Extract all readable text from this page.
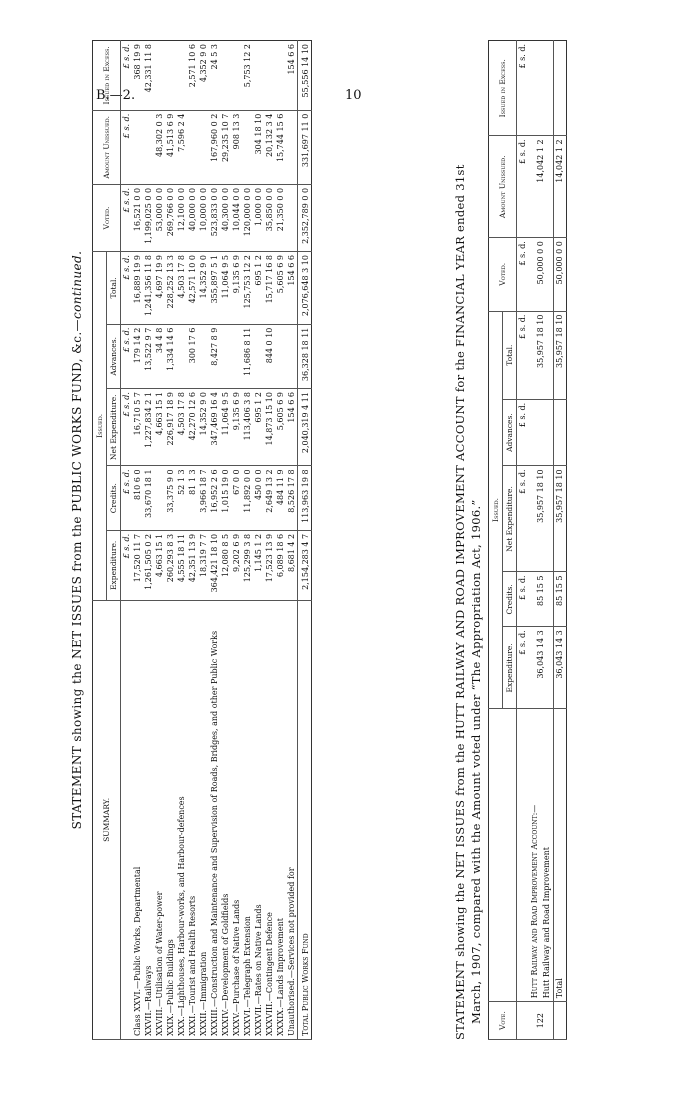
B.—2.	10
STATEMENT showing the NET ISSUES from the PUBLIC WORKS FUND, &c.—continued.
SUMMARY.	Issued.					Voted.	Amount Unissued.	Issued in Excess.
	Expenditure.	Credits.	Net Expenditure.	Advances.	Total.			
	£ s. d.	£ s. d.	£ s. d.	£ s. d.	£ s. d.	£ s. d.	£ s. d.	£ s. d.
Class XXVI.—Public Works, Departmental	17,520 11 7	810 6 0	16,710 5 7	179 14 2	16,889 19 9	16,521 0 0		368 19 9
XXVII.—Railways	1,261,505 0 2	33,670 18 1	1,227,834 2 1	13,522 9 7	1,241,356 11 8	1,199,025 0 0		42,331 11 8
XXVIII.—Utilisation of Water-power	4,663 15 1		4,663 15 1	34 4 8	4,697 19 9	53,000 0 0	48,302 0 3	
XXIX.—Public Buildings	260,293 8 3	33,375 9 0	226,917 18 9	1,334 14 6	228,252 13 3	269,766 0 0	41,513 6 9	
XXX.—Lighthouses, Harbour-works, and Harbour-defences	4,555 18 11	52 1 3	4,503 17 8		4,503 17 8	12,100 0 0	7,596 2 4	
XXXI.—Tourist and Health Resorts	42,351 13 9	81 1 3	42,270 12 6	300 17 6	42,571 10 0	40,000 0 0		2,571 10 6
XXXII.—Immigration	18,319 7 7	3,966 18 7	14,352 9 0		14,352 9 0	10,000 0 0		4,352 9 0
XXXIII.—Construction and Maintenance and Supervision of Roads, Bridges, and other Public Works	364,421 18 10	16,952 2 6	347,469 16 4	8,427 8 9	355,897 5 1	523,833 0 0	167,960 0 2	24 5 3
XXXIV.—Development of Goldfields	12,080 8 5	1,015 19 0	11,064 9 5		11,064 9 5	40,300 0 0	29,235 10 7	
XXXV.—Purchase of Native Lands	9,202 6 9	67 0 0	9,135 6 9		9,135 6 9	10,044 0 0	908 13 3	
XXXVI.—Telegraph Extension	125,299 3 8	11,892 0 0	113,406 3 8	11,686 8 11	125,753 12 2	120,000 0 0		5,753 12 2
XXXVII.—Rates on Native Lands	1,145 1 2	450 0 0	695 1 2		695 1 2	1,000 0 0	304 18 10	
XXXVIII.—Contingent Defence	17,523 13 9	2,649 13 2	14,873 15 10	844 0 10	15,717 16 8	35,850 0 0	20,132 3 4	
XXXIX.—Lands Improvement	6,089 18 6	484 11 9	5,605 6 9		5,605 6 9	21,350 0 0	15,744 15 6	
Unauthorised.—Services not provided for	8,681 4 2	8,526 17 8	154 6 6		154 6 6			154 6 6
Total Public Works Fund	2,154,283 4 7	113,963 19 8	2,040,319 4 11	36,328 18 11	2,076,648 3 10	2,352,789 0 0	331,697 11 0	55,556 14 10
STATEMENT showing the NET ISSUES from the HUTT RAILWAY AND ROAD IMPROVEMENT ACCOUNT for the FINANCIAL YEAR ended 31st March, 1907, compared with the Amount voted under “The Appropriation Act, 1906.” Vote.		Issued.					Voted.	Amount Unissued.	Issued in Excess.
		Expenditure.	Credits.	Net Expenditure.	Advances.	Total.			
		£ s. d.	£ s. d.	£ s. d.	£ s. d.	£ s. d.	£ s. d.	£ s. d.	£ s. d.
122	Hutt Railway and Road Improvement Account:— Hutt Railway and Road Improvement	36,043 14 3	85 15 5	35,957 18 10		35,957 18 10	50,000 0 0	14,042 1 2	
	Total	36,043 14 3	85 15 5	35,957 18 10		35,957 18 10	50,000 0 0	14,042 1 2	
